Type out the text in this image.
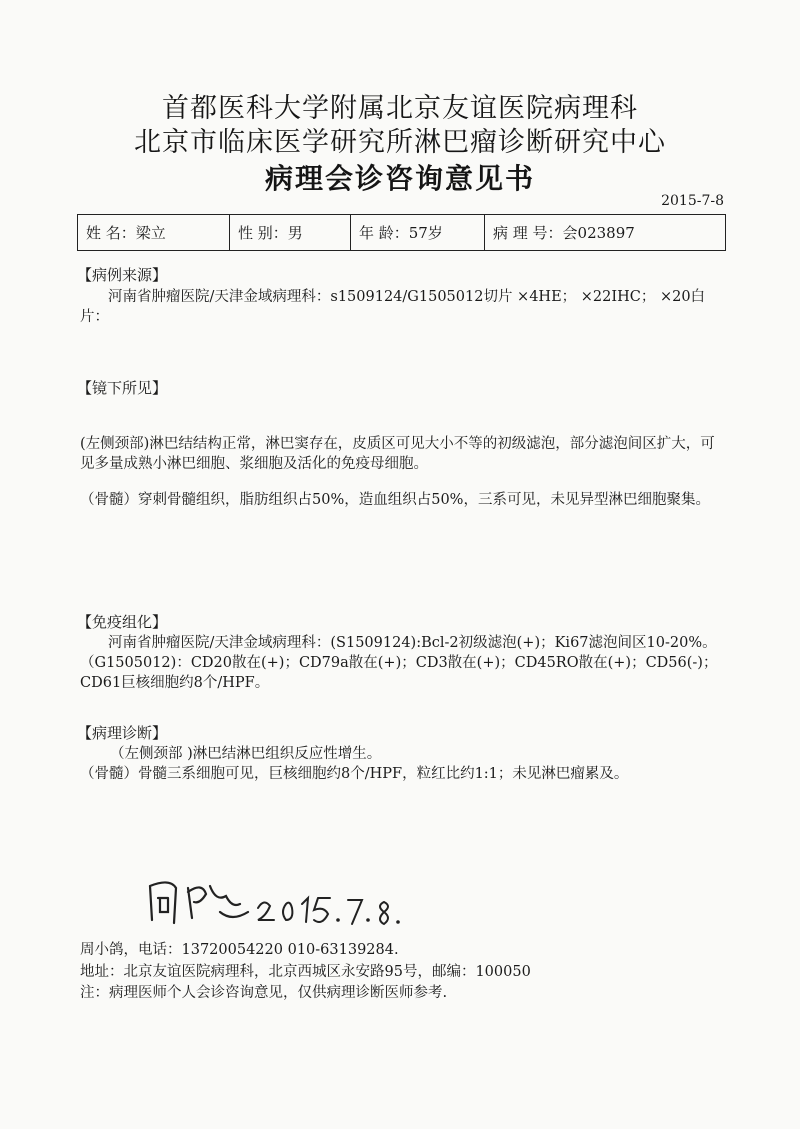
首都医科大学附属北京友谊医院病理科
北京市临床医学研究所淋巴瘤诊断研究中心
病理会诊咨询意见书
2015-7-8
姓 名：梁立	性 别：男	年 龄：57岁	病 理 号：会023897
【病例来源】
河南省肿瘤医院/天津金域病理科：s1509124/G1505012切片 ×4HE； ×22IHC； ×20白片：
【镜下所见】
(左侧颈部)淋巴结结构正常，淋巴窦存在，皮质区可见大小不等的初级滤泡，部分滤泡间区扩大，可见多量成熟小淋巴细胞、浆细胞及活化的免疫母细胞。
（骨髓）穿刺骨髓组织，脂肪组织占50%，造血组织占50%，三系可见，未见异型淋巴细胞聚集。
【免疫组化】
河南省肿瘤医院/天津金域病理科：(S1509124):Bcl-2初级滤泡(+)；Ki67滤泡间区10-20%。（G1505012)：CD20散在(+)；CD79a散在(+)；CD3散在(+)；CD45RO散在(+)；CD56(-)；CD61巨核细胞约8个/HPF。
【病理诊断】
（左侧颈部 )淋巴结淋巴组织反应性增生。
（骨髓）骨髓三系细胞可见，巨核细胞约8个/HPF，粒红比约1:1；未见淋巴瘤累及。
周小鸽，电话：13720054220 010-63139284.
地址：北京友谊医院病理科，北京西城区永安路95号，邮编：100050
注：病理医师个人会诊咨询意见，仅供病理诊断医师参考.
